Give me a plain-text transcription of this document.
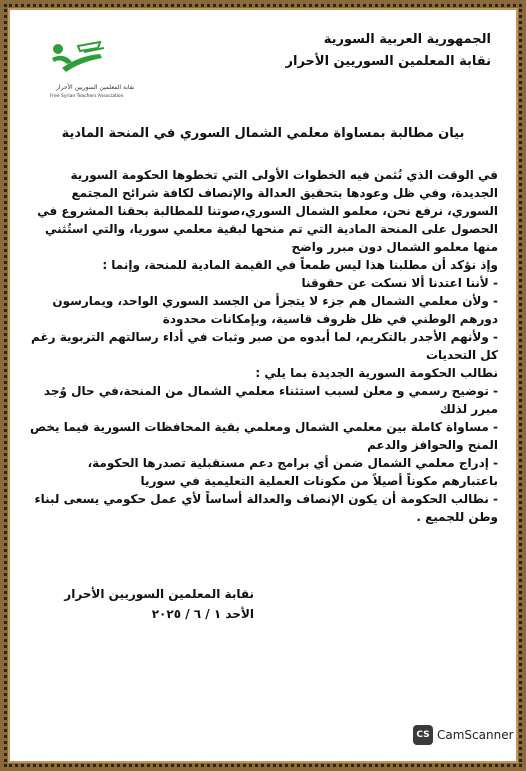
الجمهورية العربية السورية
نقابة المعلمين السوريين الأحرار
نقابة المعلمين السوريين الأحرار
Free Syrian Teachers Association
بيان مطالبة بمساواة معلمي الشمال السوري في المنحة المادية

في الوقت الذي نُثمن فيه الخطوات الأولى التي تخطوها الحكومة السورية الجديدة، وفي ظل وعودها بتحقيق العدالة والإنصاف لكافة شرائح المجتمع السوري، نرفع نحن، معلمو الشمال السوري،صوتنا للمطالبة بحقنا المشروع في الحصول على المنحة المادية التي تم منحها لبقية معلمي سوريا، والتي استُثني منها معلمو الشمال دون مبرر واضح

وإذ نؤكد أن مطلبنا هذا ليس طمعاً في القيمة المادية للمنحة، وإنما :

- لأننا اعتدنا ألا نسكت عن حقوقنا

- ولأن معلمي الشمال هم جزء لا يتجزأ من الجسد السوري الواحد، ويمارسون دورهم الوطني في ظل ظروف قاسية، وبإمكانات محدودة

- ولأنهم الأجدر بالتكريم، لما أبدوه من صبر وثبات في أداء رسالتهم التربوية رغم كل التحديات

نطالب الحكومة السورية الجديدة بما يلي :

- توضيح رسمي و معلن لسبب استثناء معلمي الشمال من المنحة،في حال وُجد مبرر لذلك

- مساواة كاملة بين معلمي الشمال ومعلمي بقية المحافظات السورية فيما يخص المنح والحوافز والدعم

- إدراج معلمي الشمال ضمن أي برامج دعم مستقبلية تصدرها الحكومة، باعتبارهم مكوناً أصيلاً من مكونات العملية التعليمية في سوريا

- نطالب الحكومة أن يكون الإنصاف والعدالة أساساً لأي عمل حكومي يسعى لبناء وطن للجميع .

نقابة المعلمين السوريين الأحرار
الأحد ١ / ٦ / ٢٠٢٥
CS CamScanner
